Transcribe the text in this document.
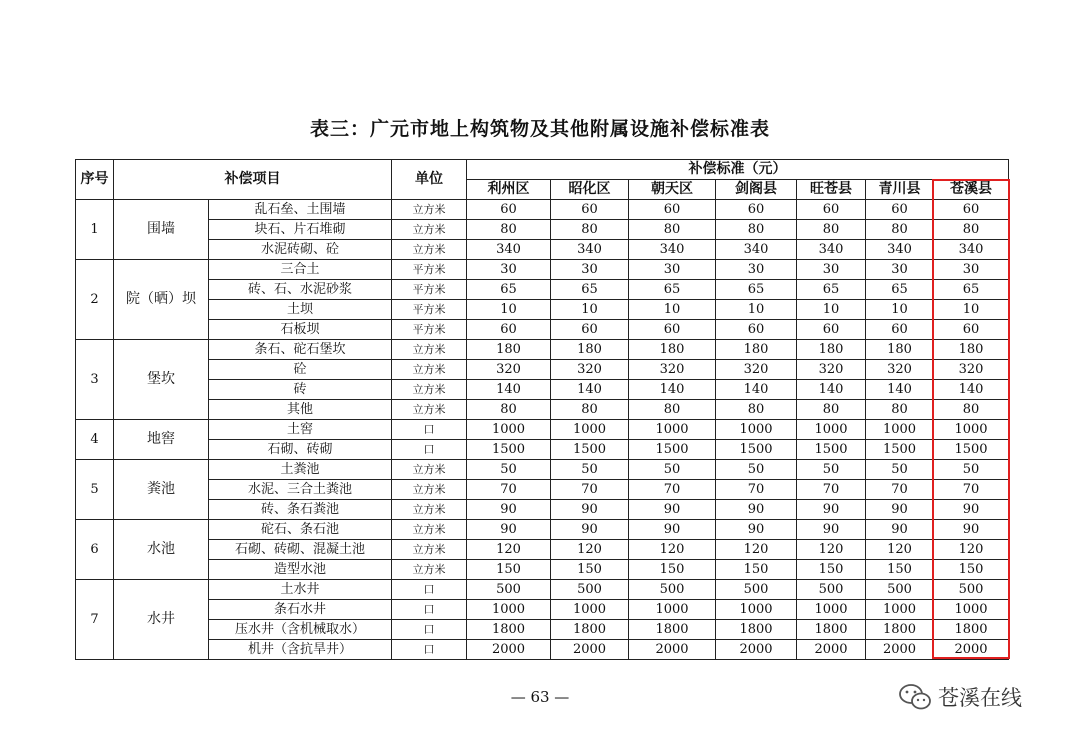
表三：广元市地上构筑物及其他附属设施补偿标准表
序号	补偿项目		单位	补偿标准（元）						
				利州区	昭化区	朝天区	剑阁县	旺苍县	青川县	苍溪县
1	围墙	乱石垒、土围墙	立方米	60	60	60	60	60	60	60
		块石、片石堆砌	立方米	80	80	80	80	80	80	80
		水泥砖砌、砼	立方米	340	340	340	340	340	340	340
2	院（晒）坝	三合土	平方米	30	30	30	30	30	30	30
		砖、石、水泥砂浆	平方米	65	65	65	65	65	65	65
		土坝	平方米	10	10	10	10	10	10	10
		石板坝	平方米	60	60	60	60	60	60	60
3	堡坎	条石、砣石堡坎	立方米	180	180	180	180	180	180	180
		砼	立方米	320	320	320	320	320	320	320
		砖	立方米	140	140	140	140	140	140	140
		其他	立方米	80	80	80	80	80	80	80
4	地窖	土窖	口	1000	1000	1000	1000	1000	1000	1000
		石砌、砖砌	口	1500	1500	1500	1500	1500	1500	1500
5	粪池	土粪池	立方米	50	50	50	50	50	50	50
		水泥、三合土粪池	立方米	70	70	70	70	70	70	70
		砖、条石粪池	立方米	90	90	90	90	90	90	90
6	水池	砣石、条石池	立方米	90	90	90	90	90	90	90
		石砌、砖砌、混凝土池	立方米	120	120	120	120	120	120	120
		造型水池	立方米	150	150	150	150	150	150	150
7	水井	土水井	口	500	500	500	500	500	500	500
		条石水井	口	1000	1000	1000	1000	1000	1000	1000
		压水井（含机械取水）	口	1800	1800	1800	1800	1800	1800	1800
		机井（含抗旱井）	口	2000	2000	2000	2000	2000	2000	2000
— 63 —	苍溪在线
